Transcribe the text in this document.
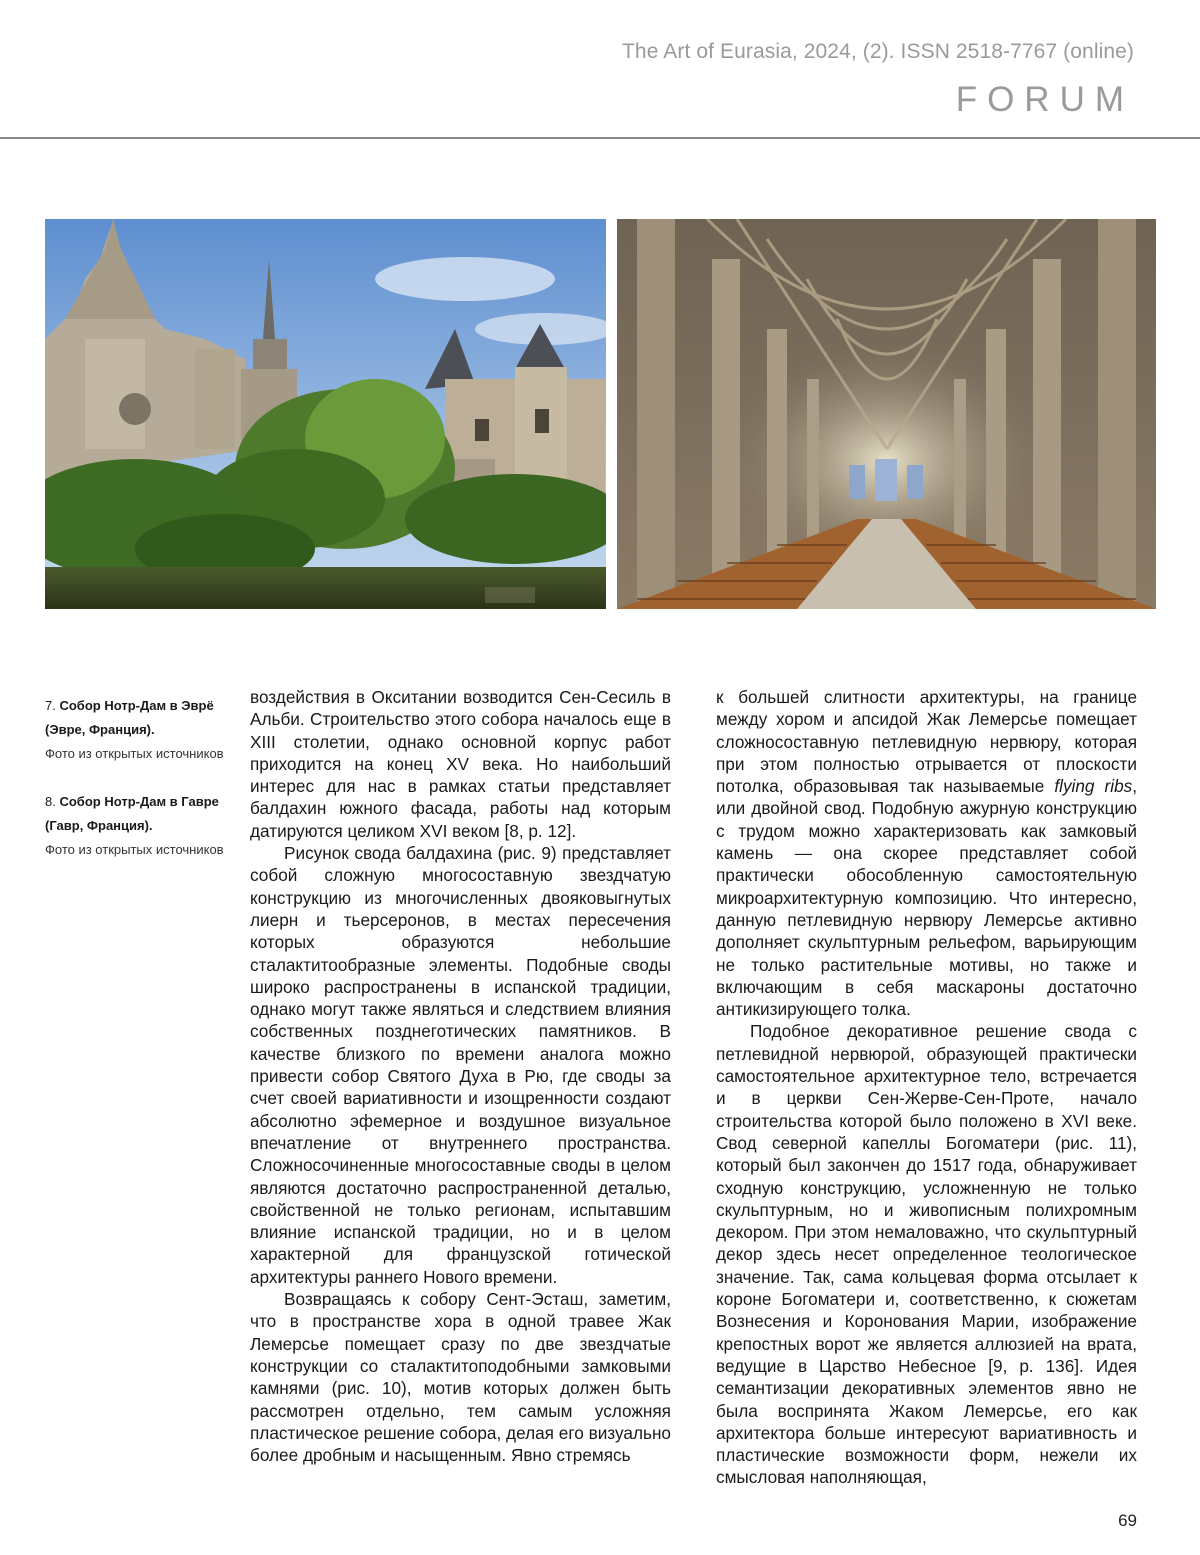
The Art of Eurasia, 2024, (2). ISSN 2518-7767 (online)
FORUM
7. Собор Нотр-Дам в Эврё (Эвре, Франция).
Фото из открытых источников
8. Собор Нотр-Дам в Гавре (Гавр, Франция).
Фото из открытых источников

воздействия в Окситании возводится Сен-Сесиль в Альби. Строительство этого собора началось еще в XIII столетии, однако основной корпус работ приходится на конец XV века. Но наибольший интерес для нас в рамках статьи представляет балдахин южного фасада, работы над которым датируются целиком XVI веком [8, p. 12].

Рисунок свода балдахина (рис. 9) представляет собой сложную многосоставную звездчатую конструкцию из многочисленных двояковыгнутых лиерн и тьерсеронов, в местах пересечения которых образуются небольшие сталактитообразные элементы. Подобные своды широко распространены в испанской традиции, однако могут также являться и следствием влияния собственных позднеготических памятников. В качестве близкого по времени аналога можно привести собор Святого Духа в Рю, где своды за счет своей вариативности и изощренности создают абсолютно эфемерное и воздушное визуальное впечатление от внутреннего пространства. Сложносочиненные многосоставные своды в целом являются достаточно распространенной деталью, свойственной не только регионам, испытавшим влияние испанской традиции, но и в целом характерной для французской готической архитектуры раннего Нового времени.

Возвращаясь к собору Сент-Эсташ, заметим, что в пространстве хора в одной травее Жак Лемерсье помещает сразу по две звездчатые конструкции со сталактитоподобными замковыми камнями (рис. 10), мотив которых должен быть рассмотрен отдельно, тем самым усложняя пластическое решение собора, делая его визуально более дробным и насыщенным. Явно стремясь

к большей слитности архитектуры, на границе между хором и апсидой Жак Лемерсье помещает сложносоставную петлевидную нервюру, которая при этом полностью отрывается от плоскости потолка, образовывая так называемые flying ribs, или двойной свод. Подобную ажурную конструкцию с трудом можно характеризовать как замковый камень — она скорее представляет собой практически обособленную самостоятельную микроархитектурную композицию. Что интересно, данную петлевидную нервюру Лемерсье активно дополняет скульптурным рельефом, варьирующим не только растительные мотивы, но также и включающим в себя маскароны достаточно антикизирующего толка.

Подобное декоративное решение свода с петлевидной нервюрой, образующей практически самостоятельное архитектурное тело, встречается и в церкви Сен-Жерве-Сен-Проте, начало строительства которой было положено в XVI веке. Свод северной капеллы Богоматери (рис. 11), который был закончен до 1517 года, обнаруживает сходную конструкцию, усложненную не только скульптурным, но и живописным полихромным декором. При этом немаловажно, что скульптурный декор здесь несет определенное теологическое значение. Так, сама кольцевая форма отсылает к короне Богоматери и, соответственно, к сюжетам Вознесения и Коронования Марии, изображение крепостных ворот же является аллюзией на врата, ведущие в Царство Небесное [9, p. 136]. Идея семантизации декоративных элементов явно не была воспринята Жаком Лемерсье, его как архитектора больше интересуют вариативность и пластические возможности форм, нежели их смысловая наполняющая,

69
